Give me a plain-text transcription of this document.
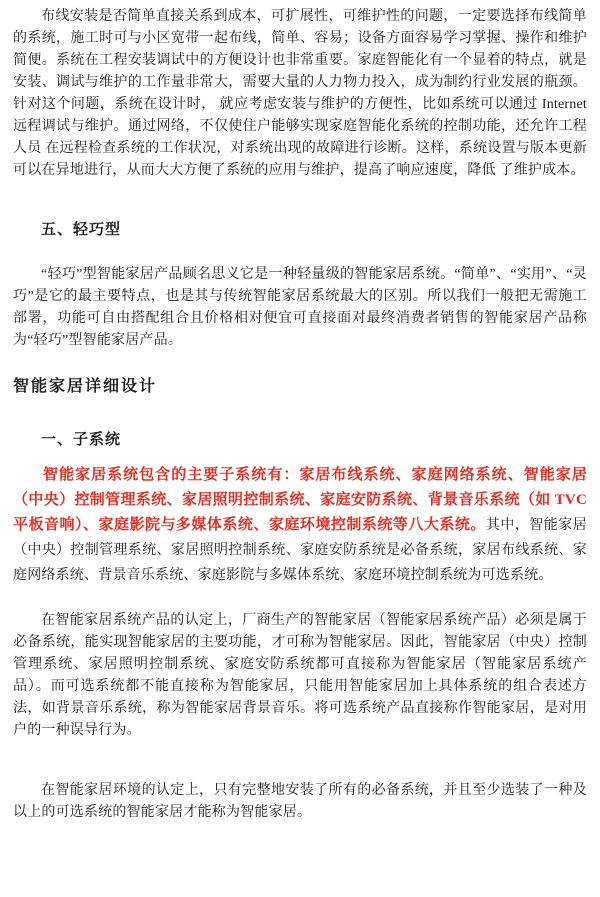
布线安装是否简单直接关系到成本，可扩展性，可维护性的问题，一定要选择布线简单的系统，施工时可与小区宽带一起布线，简单、容易；设备方面容易学习掌握、操作和维护简便。系统在工程安装调试中的方便设计也非常重要。家庭智能化有一个显着的特点，就是安装、调试与维护的工作量非常大，需要大量的人力物力投入，成为制约行业发展的瓶颈。针对这个问题，系统在设计时， 就应考虑安装与维护的方便性，比如系统可以通过 Internet 远程调试与维护。通过网络，不仅使住户能够实现家庭智能化系统的控制功能，还允许工程人员 在远程检查系统的工作状况，对系统出现的故障进行诊断。这样，系统设置与版本更新可以在异地进行，从而大大方便了系统的应用与维护，提高了响应速度，降低 了维护成本。

五、轻巧型

“轻巧”型智能家居产品顾名思义它是一种轻量级的智能家居系统。“简单”、“实用”、“灵巧”是它的最主要特点，也是其与传统智能家居系统最大的区别。所以我们一般把无需施工部署，功能可自由搭配组合且价格相对便宜可直接面对最终消费者销售的智能家居产品称为“轻巧”型智能家居产品。

智能家居详细设计
一、子系统

智能家居系统包含的主要子系统有：家居布线系统、家庭网络系统、智能家居（中央）控制管理系统、家居照明控制系统、家庭安防系统、背景音乐系统（如 TVC 平板音响）、家庭影院与多媒体系统、家庭环境控制系统等八大系统。其中，智能家居（中央）控制管理系统、家居照明控制系统、家庭安防系统是必备系统，家居布线系统、家庭网络系统、背景音乐系统、家庭影院与多媒体系统、家庭环境控制系统为可选系统。

在智能家居系统产品的认定上，厂商生产的智能家居（智能家居系统产品）必须是属于必备系统，能实现智能家居的主要功能，才可称为智能家居。因此，智能家居（中央）控制管理系统、家居照明控制系统、家庭安防系统都可直接称为智能家居（智能家居系统产品）。而可选系统都不能直接称为智能家居，只能用智能家居加上具体系统的组合表述方法，如背景音乐系统，称为智能家居背景音乐。将可选系统产品直接称作智能家居，是对用户的一种误导行为。

在智能家居环境的认定上，只有完整地安装了所有的必备系统，并且至少选装了一种及以上的可选系统的智能家居才能称为智能家居。
